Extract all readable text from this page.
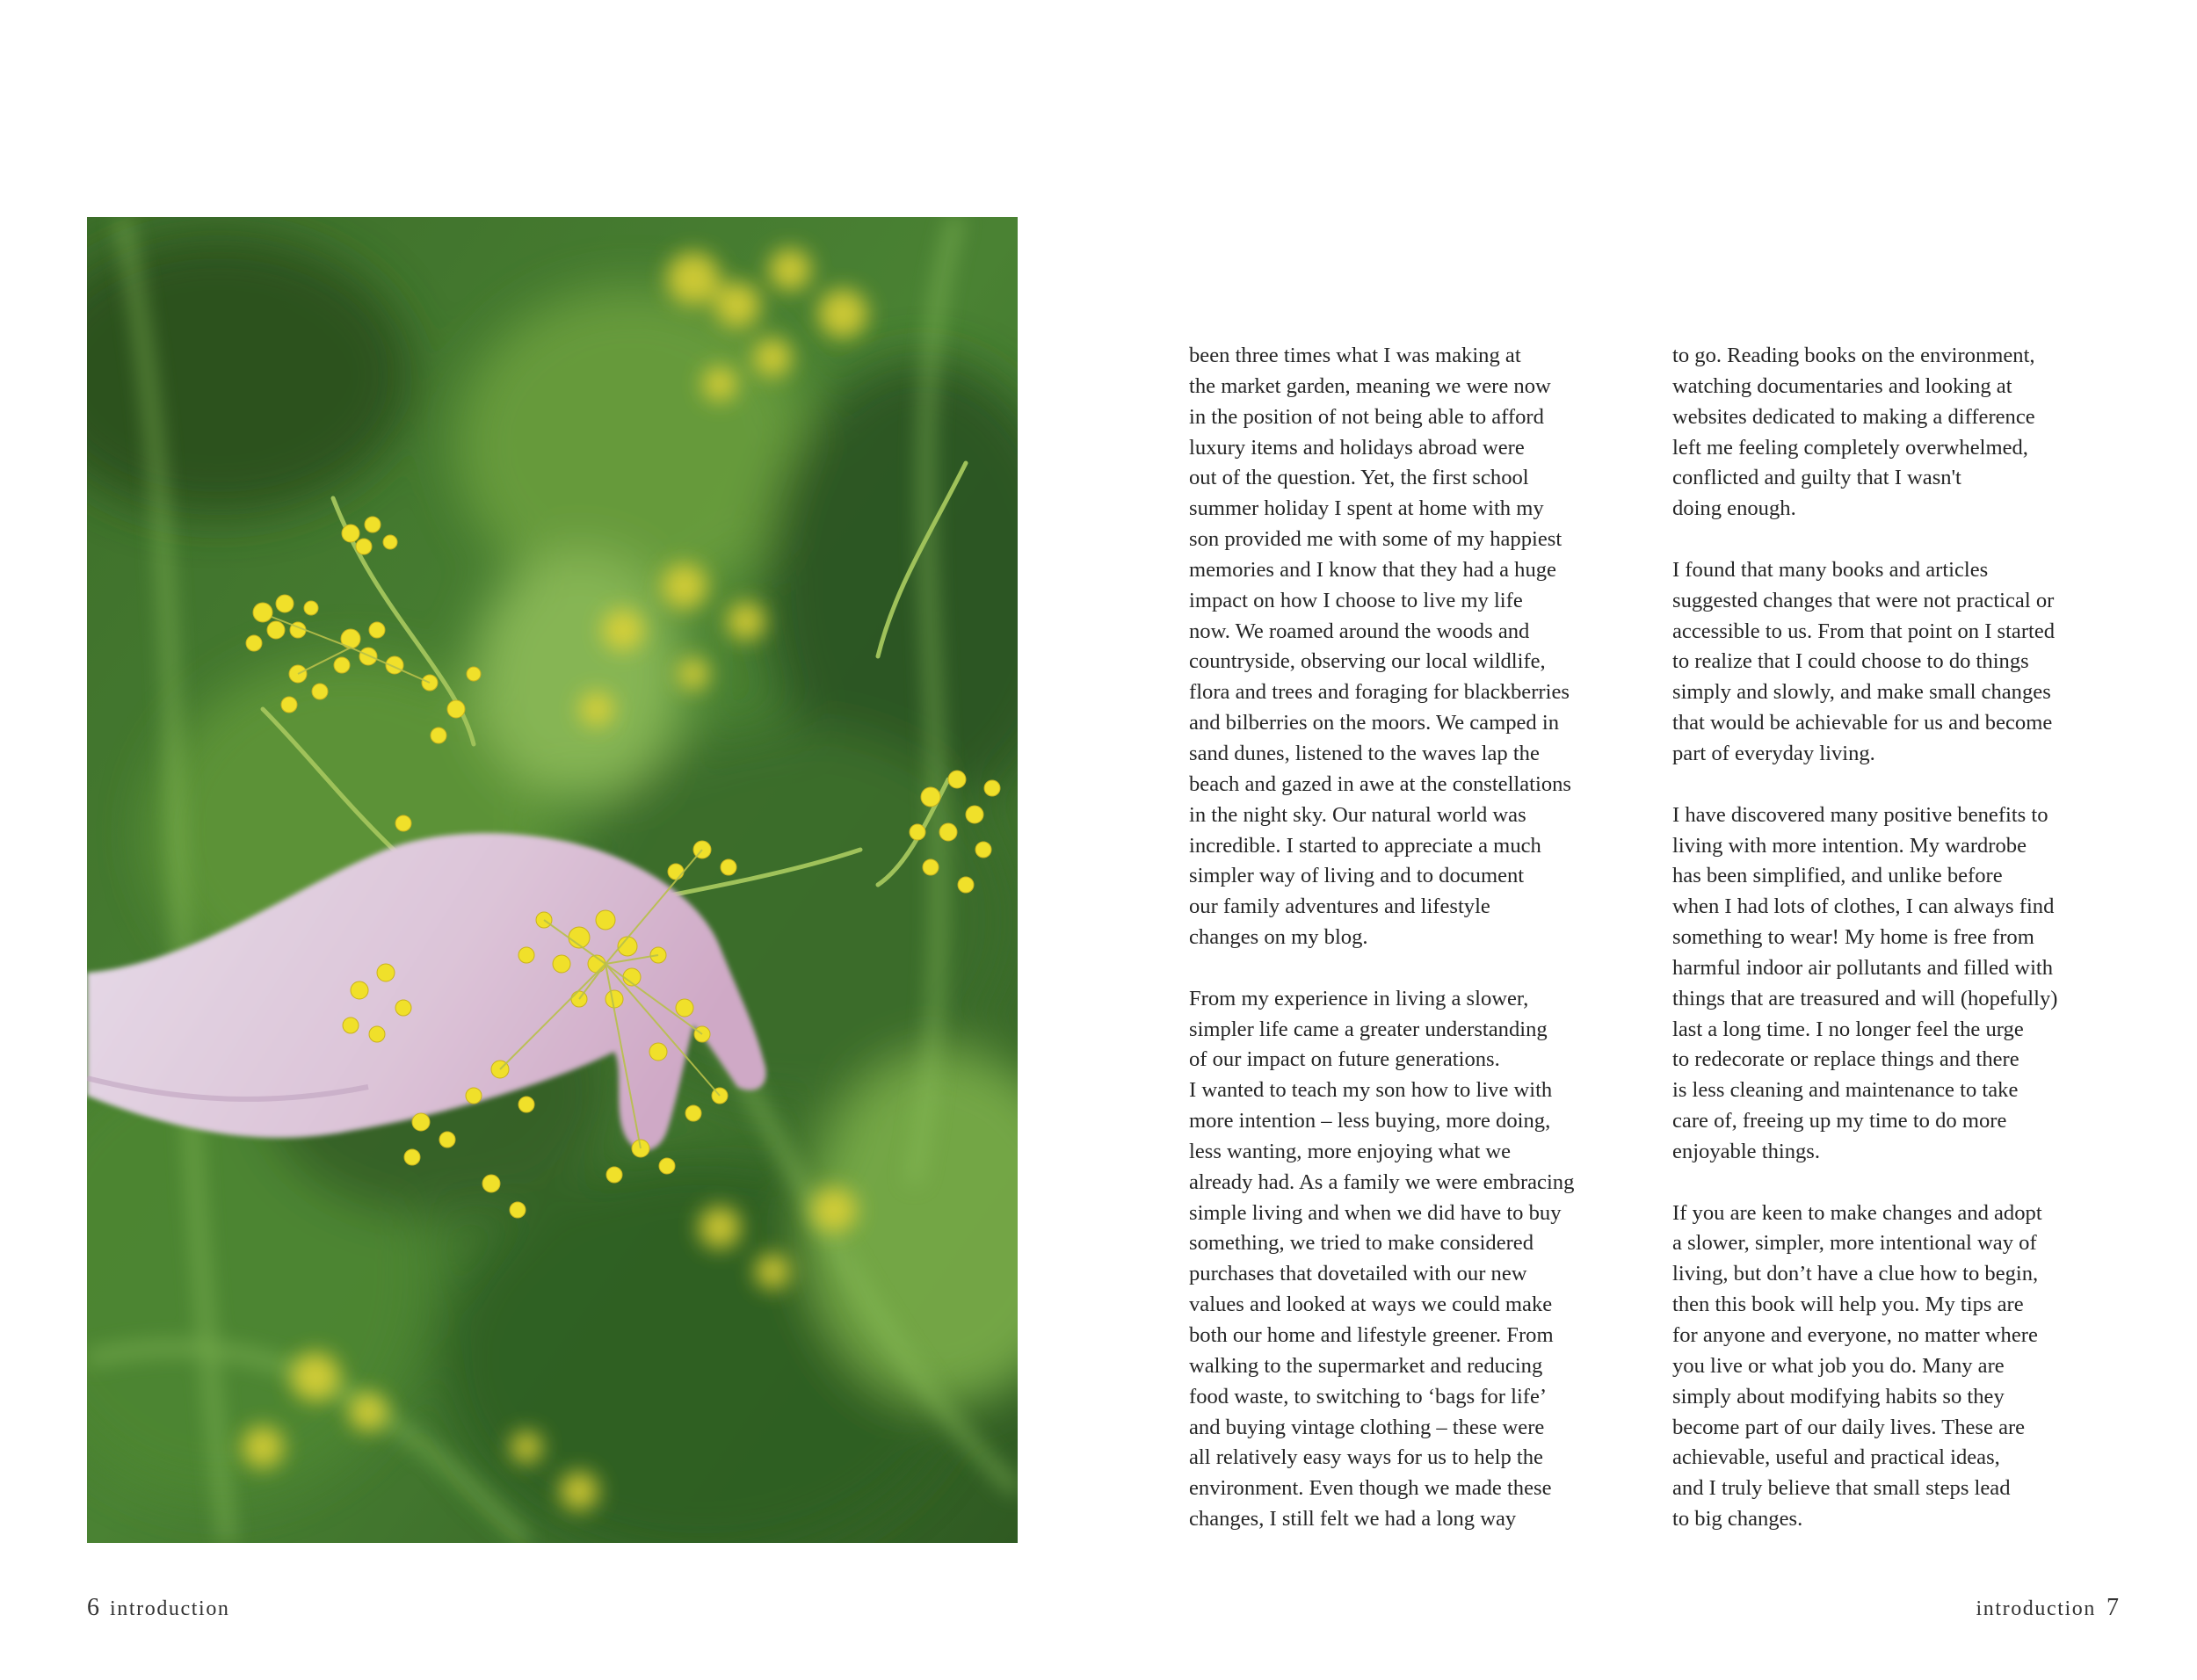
been three times what I was making at
the market garden, meaning we were now
in the position of not being able to afford
luxury items and holidays abroad were
out of the question. Yet, the first school
summer holiday I spent at home with my
son provided me with some of my happiest
memories and I know that they had a huge
impact on how I choose to live my life
now. We roamed around the woods and
countryside, observing our local wildlife,
flora and trees and foraging for blackberries
and bilberries on the moors. We camped in
sand dunes, listened to the waves lap the
beach and gazed in awe at the constellations
in the night sky. Our natural world was
incredible. I started to appreciate a much
simpler way of living and to document
our family adventures and lifestyle
changes on my blog.

From my experience in living a slower,
simpler life came a greater understanding
of our impact on future generations.
I wanted to teach my son how to live with
more intention – less buying, more doing,
less wanting, more enjoying what we
already had. As a family we were embracing
simple living and when we did have to buy
something, we tried to make considered
purchases that dovetailed with our new
values and looked at ways we could make
both our home and lifestyle greener. From
walking to the supermarket and reducing
food waste, to switching to ‘bags for life’
and buying vintage clothing – these were
all relatively easy ways for us to help the
environment. Even though we made these
changes, I still felt we had a long way

to go. Reading books on the environment,
watching documentaries and looking at
websites dedicated to making a difference
left me feeling completely overwhelmed,
conflicted and guilty that I wasn't
doing enough.

I found that many books and articles
suggested changes that were not practical or
accessible to us. From that point on I started
to realize that I could choose to do things
simply and slowly, and make small changes
that would be achievable for us and become
part of everyday living.

I have discovered many positive benefits to
living with more intention. My wardrobe
has been simplified, and unlike before
when I had lots of clothes, I can always find
something to wear! My home is free from
harmful indoor air pollutants and filled with
things that are treasured and will (hopefully)
last a long time. I no longer feel the urge
to redecorate or replace things and there
is less cleaning and maintenance to take
care of, freeing up my time to do more
enjoyable things.

If you are keen to make changes and adopt
a slower, simpler, more intentional way of
living, but don’t have a clue how to begin,
then this book will help you. My tips are
for anyone and everyone, no matter where
you live or what job you do. Many are
simply about modifying habits so they
become part of our daily lives. These are
achievable, useful and practical ideas,
and I truly believe that small steps lead
to big changes.

6 introduction	introduction 7
